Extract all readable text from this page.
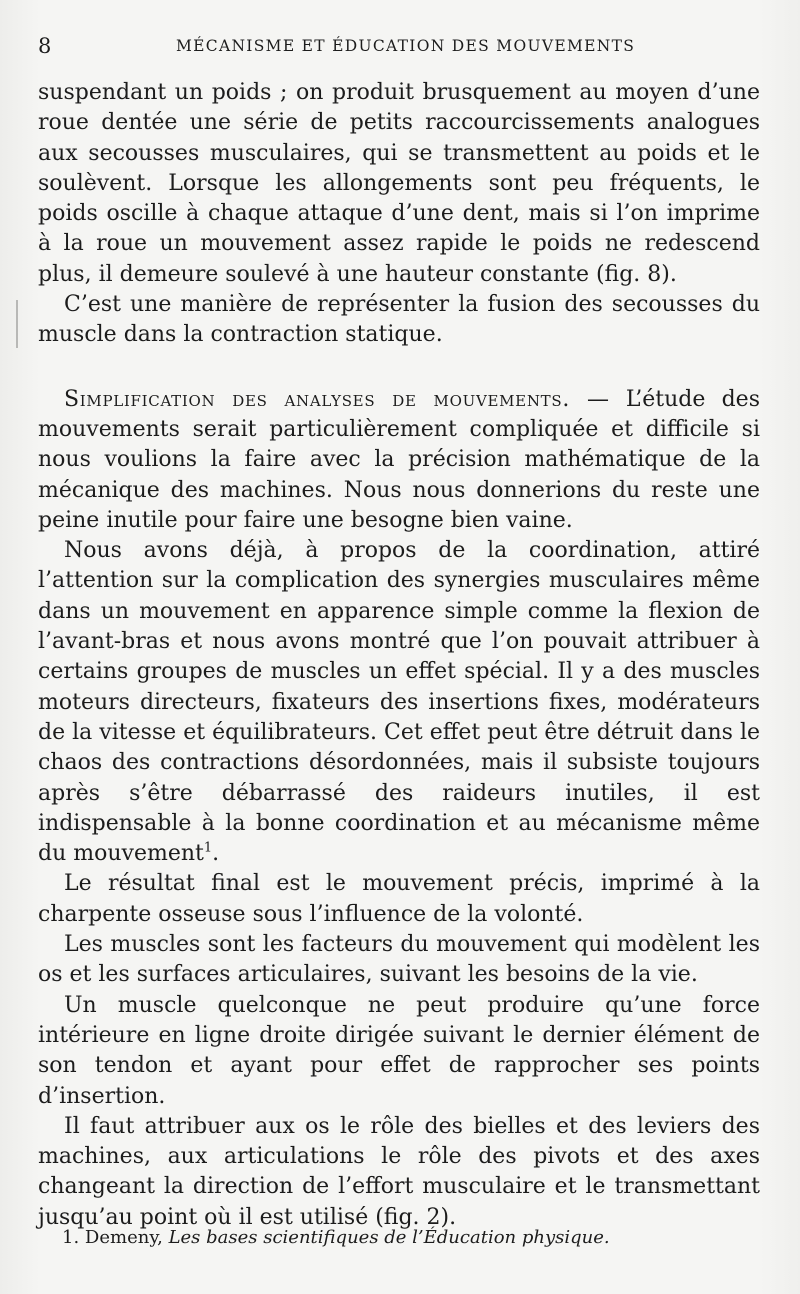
8	MÉCANISME ET ÉDUCATION DES MOUVEMENTS

suspendant un poids ; on produit brusquement au moyen d’une roue dentée une série de petits raccourcissements analogues aux secousses musculaires, qui se transmettent au poids et le soulèvent. Lorsque les allongements sont peu fréquents, le poids oscille à chaque attaque d’une dent, mais si l’on imprime à la roue un mouvement assez rapide le poids ne redescend plus, il demeure soulevé à une hauteur constante (fig. 8).

C’est une manière de représenter la fusion des secousses du muscle dans la contraction statique.

Simplification des analyses de mouvements. — L’étude des mouvements serait particulièrement compliquée et difficile si nous voulions la faire avec la précision mathématique de la mécanique des machines. Nous nous donnerions du reste une peine inutile pour faire une besogne bien vaine.

Nous avons déjà, à propos de la coordination, attiré l’attention sur la complication des synergies musculaires même dans un mouvement en apparence simple comme la flexion de l’avant-bras et nous avons montré que l’on pouvait attribuer à certains groupes de muscles un effet spécial. Il y a des muscles moteurs directeurs, fixateurs des insertions fixes, modérateurs de la vitesse et équilibrateurs. Cet effet peut être détruit dans le chaos des contractions désordonnées, mais il subsiste toujours après s’être débarrassé des raideurs inutiles, il est indispensable à la bonne coordination et au mécanisme même du mouvement$^1$.

Le résultat final est le mouvement précis, imprimé à la charpente osseuse sous l’influence de la volonté.

Les muscles sont les facteurs du mouvement qui modèlent les os et les surfaces articulaires, suivant les besoins de la vie.

Un muscle quelconque ne peut produire qu’une force intérieure en ligne droite dirigée suivant le dernier élément de son tendon et ayant pour effet de rapprocher ses points d’insertion.

Il faut attribuer aux os le rôle des bielles et des leviers des machines, aux articulations le rôle des pivots et des axes changeant la direction de l’effort musculaire et le transmettant jusqu’au point où il est utilisé (fig. 2).

1. Demeny, Les bases scientifiques de l’Éducation physique.
